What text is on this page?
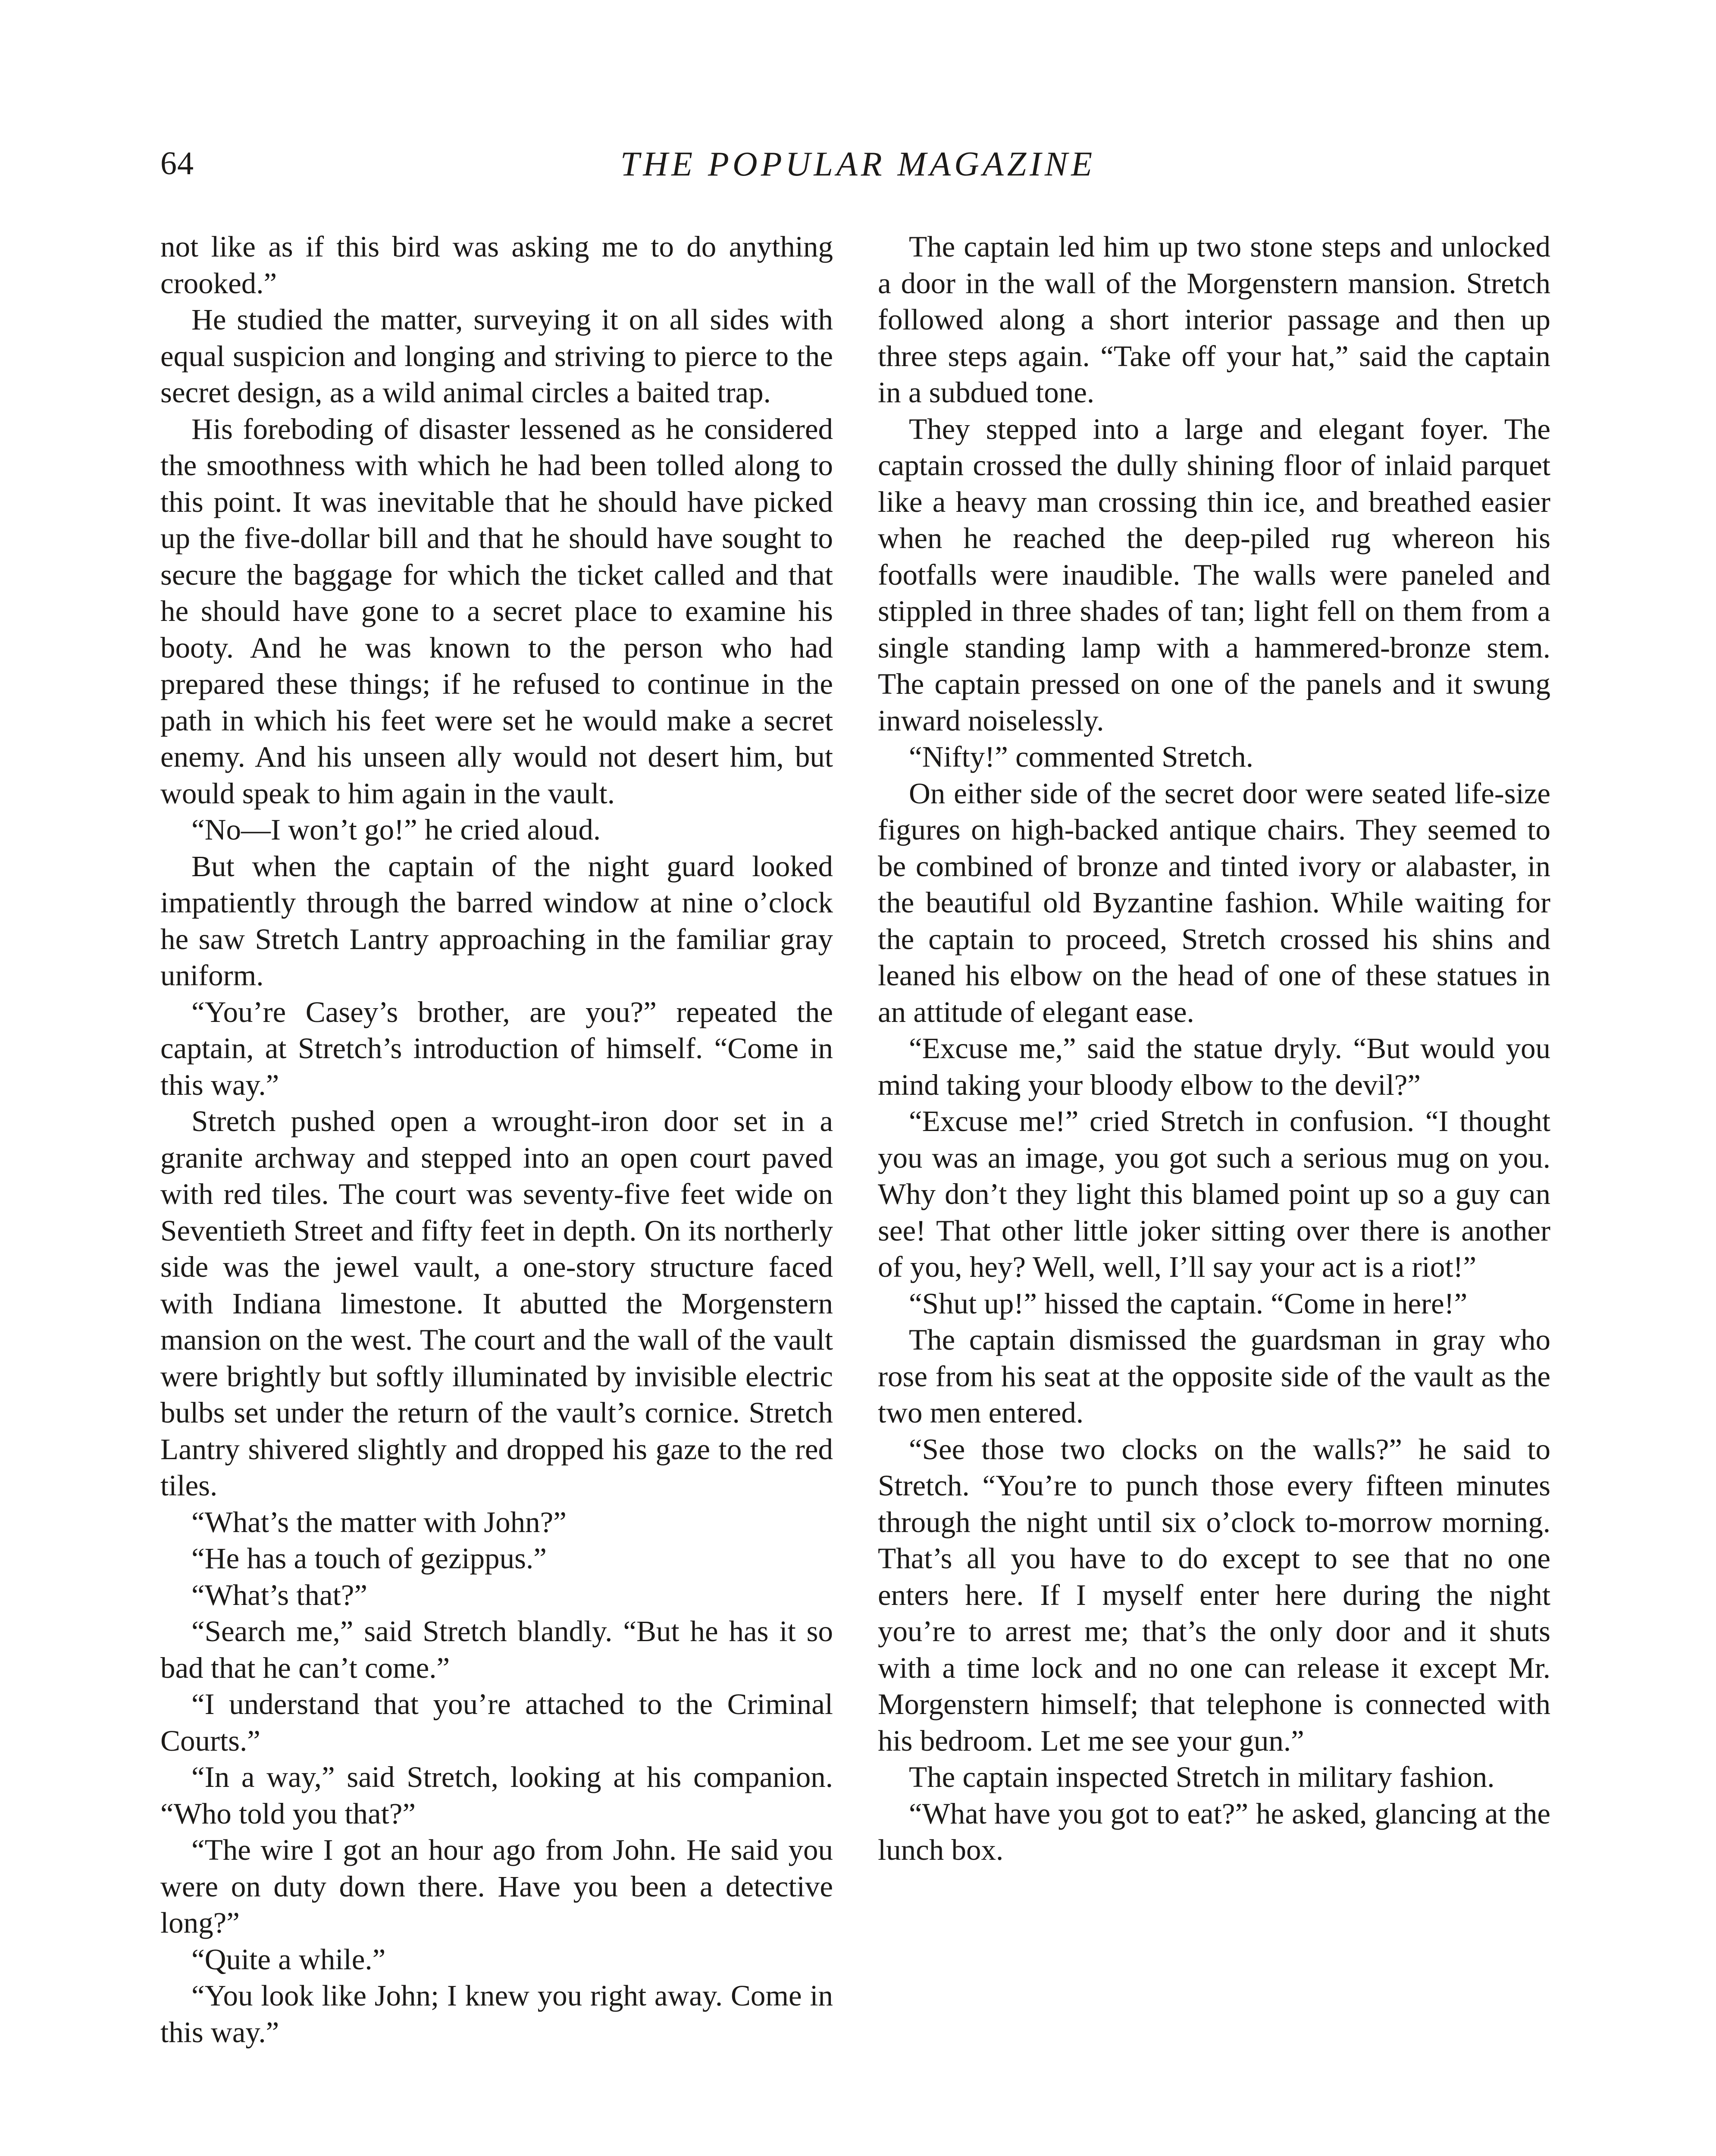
64	THE POPULAR MAGAZINE

not like as if this bird was asking me to do anything crooked.”

He studied the matter, surveying it on all sides with equal suspicion and longing and striving to pierce to the secret design, as a wild animal circles a baited trap.

His foreboding of disaster lessened as he considered the smoothness with which he had been tolled along to this point. It was inevitable that he should have picked up the five-dollar bill and that he should have sought to secure the baggage for which the ticket called and that he should have gone to a secret place to examine his booty. And he was known to the person who had prepared these things; if he refused to continue in the path in which his feet were set he would make a secret enemy. And his unseen ally would not desert him, but would speak to him again in the vault.

“No—I won’t go!” he cried aloud.

But when the captain of the night guard looked impatiently through the barred window at nine o’clock he saw Stretch Lantry approaching in the familiar gray uniform.

“You’re Casey’s brother, are you?” repeated the captain, at Stretch’s introduction of himself. “Come in this way.”

Stretch pushed open a wrought-iron door set in a granite archway and stepped into an open court paved with red tiles. The court was seventy-five feet wide on Seventieth Street and fifty feet in depth. On its northerly side was the jewel vault, a one-story structure faced with Indiana limestone. It abutted the Morgenstern mansion on the west. The court and the wall of the vault were brightly but softly illuminated by invisible electric bulbs set under the return of the vault’s cornice. Stretch Lantry shivered slightly and dropped his gaze to the red tiles.

“What’s the matter with John?”

“He has a touch of gezippus.”

“What’s that?”

“Search me,” said Stretch blandly. “But he has it so bad that he can’t come.”

“I understand that you’re attached to the Criminal Courts.”

“In a way,” said Stretch, looking at his companion. “Who told you that?”

“The wire I got an hour ago from John. He said you were on duty down there. Have you been a detective long?”

“Quite a while.”

“You look like John; I knew you right away. Come in this way.”

The captain led him up two stone steps and unlocked a door in the wall of the Morgenstern mansion. Stretch followed along a short interior passage and then up three steps again. “Take off your hat,” said the captain in a subdued tone.

They stepped into a large and elegant foyer. The captain crossed the dully shining floor of inlaid parquet like a heavy man crossing thin ice, and breathed easier when he reached the deep-piled rug whereon his footfalls were inaudible. The walls were paneled and stippled in three shades of tan; light fell on them from a single standing lamp with a hammered-bronze stem. The captain pressed on one of the panels and it swung inward noiselessly.

“Nifty!” commented Stretch.

On either side of the secret door were seated life-size figures on high-backed antique chairs. They seemed to be combined of bronze and tinted ivory or alabaster, in the beautiful old Byzantine fashion. While waiting for the captain to proceed, Stretch crossed his shins and leaned his elbow on the head of one of these statues in an attitude of elegant ease.

“Excuse me,” said the statue dryly. “But would you mind taking your bloody elbow to the devil?”

“Excuse me!” cried Stretch in confusion. “I thought you was an image, you got such a serious mug on you. Why don’t they light this blamed point up so a guy can see! That other little joker sitting over there is another of you, hey? Well, well, I’ll say your act is a riot!”

“Shut up!” hissed the captain. “Come in here!”

The captain dismissed the guardsman in gray who rose from his seat at the opposite side of the vault as the two men entered.

“See those two clocks on the walls?” he said to Stretch. “You’re to punch those every fifteen minutes through the night until six o’clock to-morrow morning. That’s all you have to do except to see that no one enters here. If I myself enter here during the night you’re to arrest me; that’s the only door and it shuts with a time lock and no one can release it except Mr. Morgenstern himself; that telephone is connected with his bedroom. Let me see your gun.”

The captain inspected Stretch in military fashion.

“What have you got to eat?” he asked, glancing at the lunch box.
